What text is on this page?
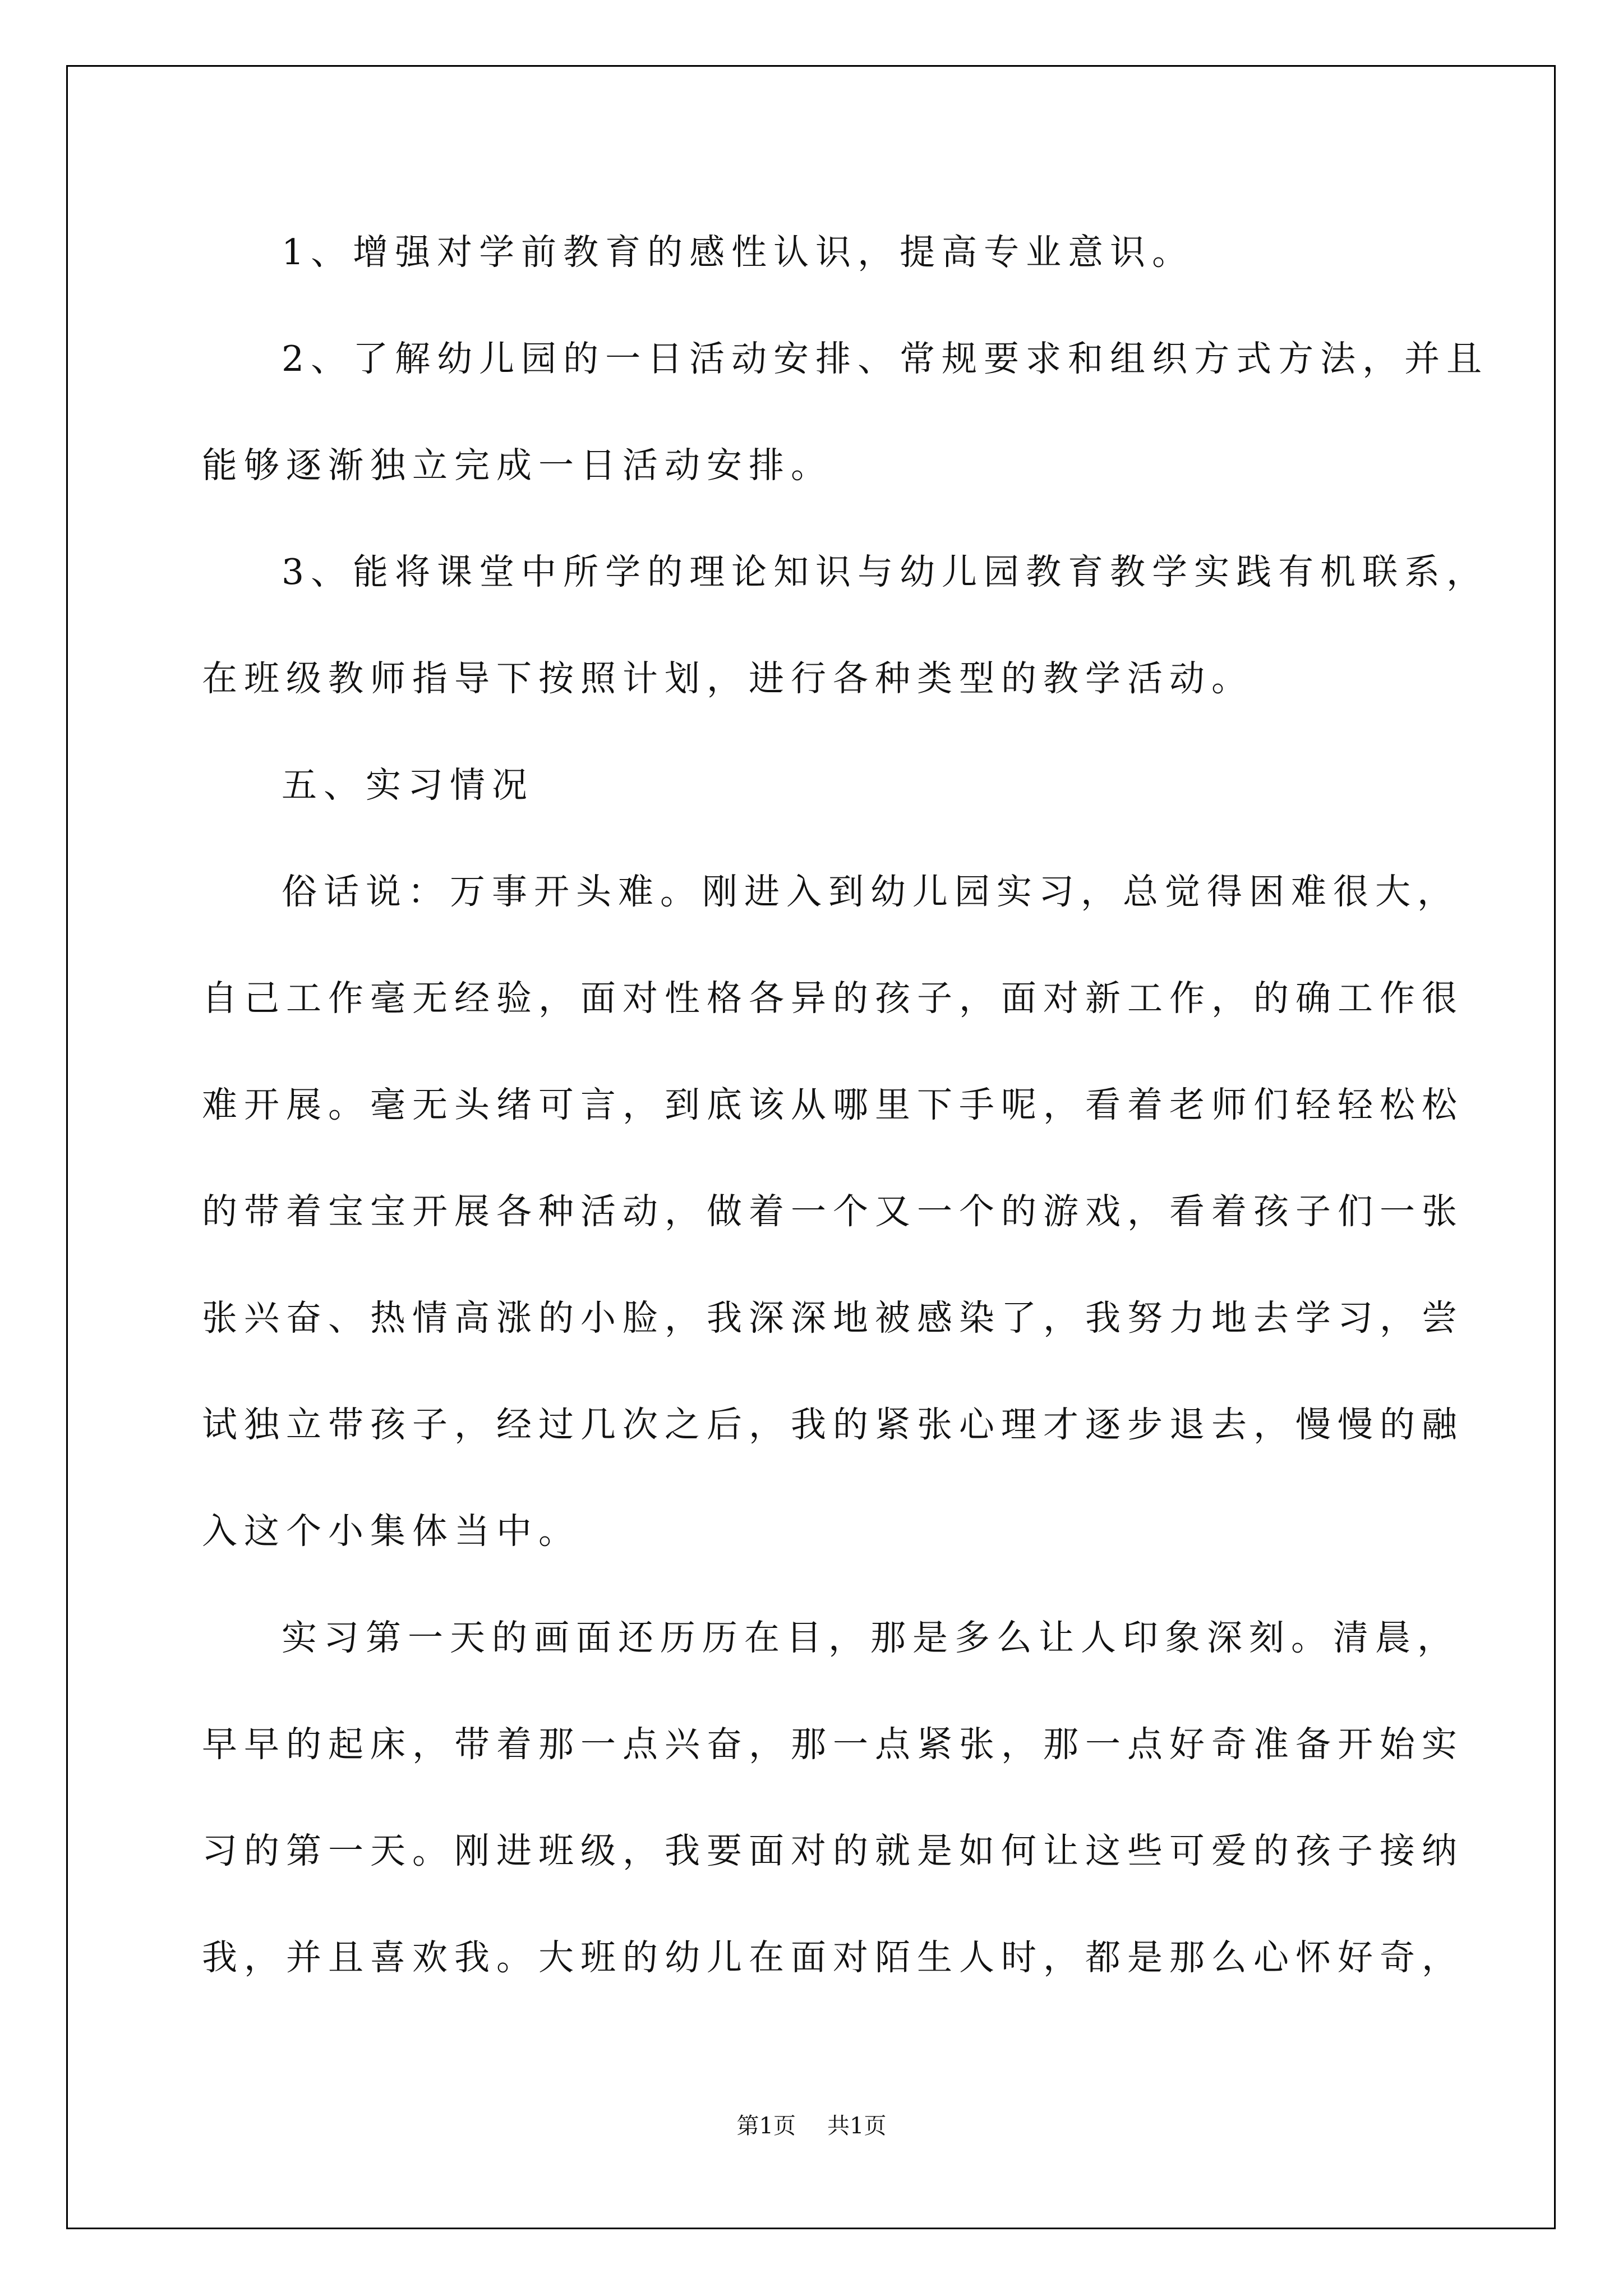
1、增强对学前教育的感性认识，提高专业意识。
2、了解幼儿园的一日活动安排、常规要求和组织方式方法，并且
能够逐渐独立完成一日活动安排。
3、能将课堂中所学的理论知识与幼儿园教育教学实践有机联系，
在班级教师指导下按照计划，进行各种类型的教学活动。
五、实习情况
俗话说：万事开头难。刚进入到幼儿园实习，总觉得困难很大，
自己工作毫无经验，面对性格各异的孩子，面对新工作，的确工作很
难开展。毫无头绪可言，到底该从哪里下手呢，看着老师们轻轻松松
的带着宝宝开展各种活动，做着一个又一个的游戏，看着孩子们一张
张兴奋、热情高涨的小脸，我深深地被感染了，我努力地去学习，尝
试独立带孩子，经过几次之后，我的紧张心理才逐步退去，慢慢的融
入这个小集体当中。
实习第一天的画面还历历在目，那是多么让人印象深刻。清晨，
早早的起床，带着那一点兴奋，那一点紧张，那一点好奇准备开始实
习的第一天。刚进班级，我要面对的就是如何让这些可爱的孩子接纳
我，并且喜欢我。大班的幼儿在面对陌生人时，都是那么心怀好奇，
第1页 共1页
